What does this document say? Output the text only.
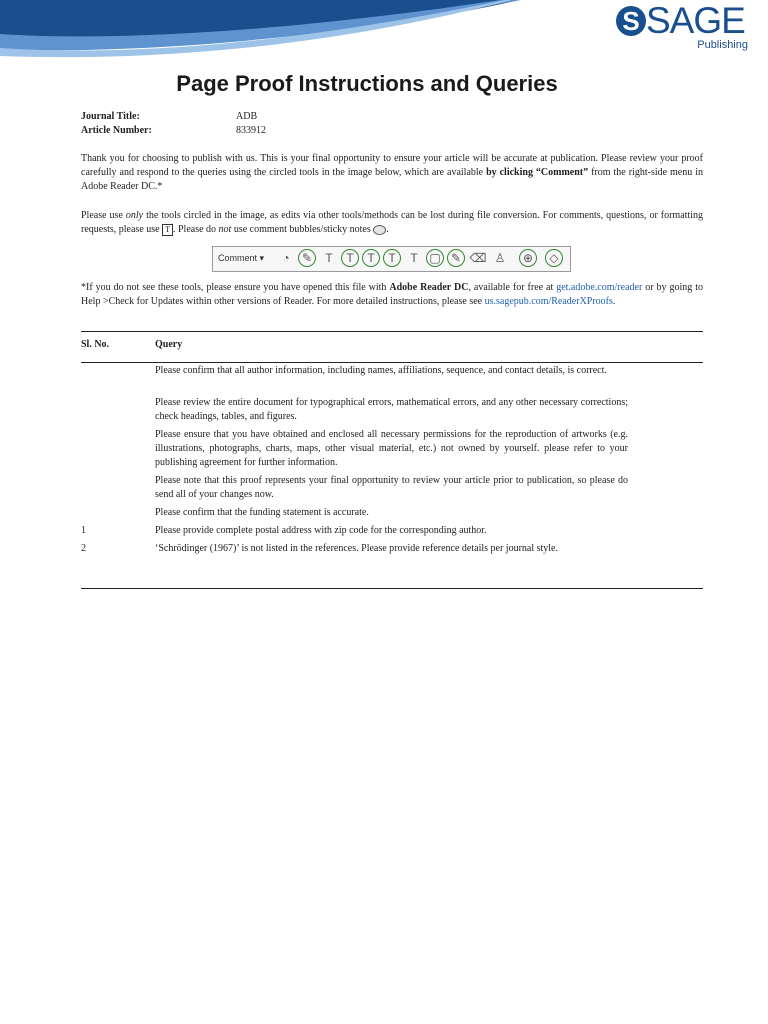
S SAGE
Publishing
Page Proof Instructions and Queries
Journal Title:	ADB
Article Number:	833912
Thank you for choosing to publish with us. This is your final opportunity to ensure your article will be accurate at publication. Please review your proof carefully and respond to the queries using the circled tools in the image below, which are available by clicking “Comment” from the right-side menu in Adobe Reader DC.*
Please use only the tools circled in the image, as edits via other tools/methods can be lost during file conversion. For comments, questions, or formatting requests, please use T . Please do not use comment bubbles/sticky notes .
Comment ▾	◔	✎	T	T	T	T	T ▢ ✎ ⌫ ♙	⊕	◇
*If you do not see these tools, please ensure you have opened this file with Adobe Reader DC, available for free at get.adobe.com/reader or by going to Help >Check for Updates within other versions of Reader. For more detailed instructions, please see us.sagepub.com/ReaderXProofs.
Sl. No.	Query
Please confirm that all author information, including names, affiliations, sequence, and contact details, is correct.
Please review the entire document for typographical errors, mathematical errors, and any other necessary corrections; check headings, tables, and figures.
Please ensure that you have obtained and enclosed all necessary permissions for the reproduction of artworks (e.g. illustrations, photographs, charts, maps, other visual material, etc.) not owned by yourself. please refer to your publishing agreement for further information.
Please note that this proof represents your final opportunity to review your article prior to publication, so please do send all of your changes now.
Please confirm that the funding statement is accurate.
1	Please provide complete postal address with zip code for the corresponding author.
2	‘Schrödinger (1967)’ is not listed in the references. Please provide reference details per journal style.
